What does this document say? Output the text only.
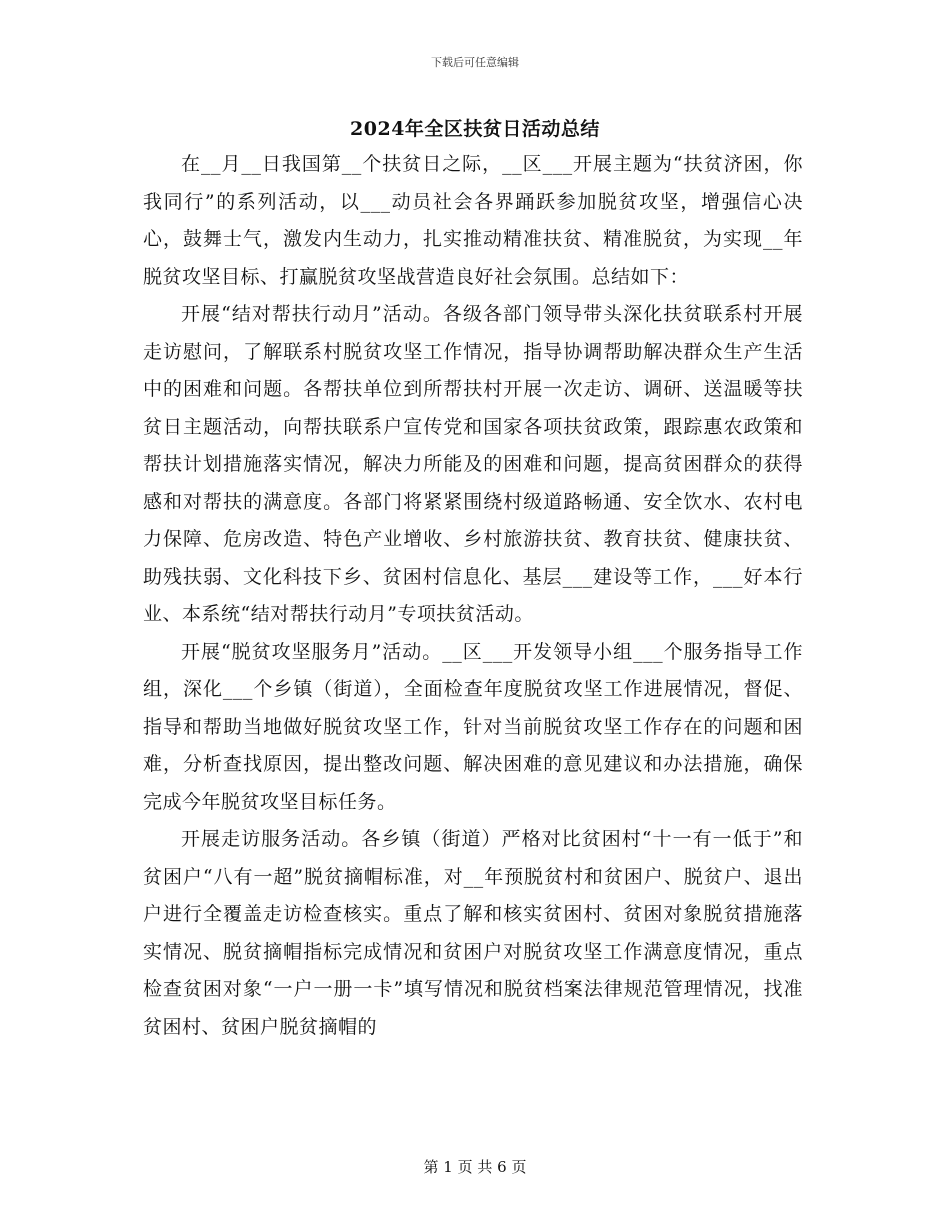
下载后可任意编辑
2024年全区扶贫日活动总结

在__月__日我国第__个扶贫日之际，__区___开展主题为“扶贫济困，你我同行”的系列活动，以___动员社会各界踊跃参加脱贫攻坚，增强信心决心，鼓舞士气，激发内生动力，扎实推动精准扶贫、精准脱贫，为实现__年脱贫攻坚目标、打赢脱贫攻坚战营造良好社会氛围。总结如下：

开展“结对帮扶行动月”活动。各级各部门领导带头深化扶贫联系村开展走访慰问，了解联系村脱贫攻坚工作情况，指导协调帮助解决群众生产生活中的困难和问题。各帮扶单位到所帮扶村开展一次走访、调研、送温暖等扶贫日主题活动，向帮扶联系户宣传党和国家各项扶贫政策，跟踪惠农政策和帮扶计划措施落实情况，解决力所能及的困难和问题，提高贫困群众的获得感和对帮扶的满意度。各部门将紧紧围绕村级道路畅通、安全饮水、农村电力保障、危房改造、特色产业增收、乡村旅游扶贫、教育扶贫、健康扶贫、助残扶弱、文化科技下乡、贫困村信息化、基层___建设等工作，___好本行业、本系统“结对帮扶行动月”专项扶贫活动。

开展“脱贫攻坚服务月”活动。__区___开发领导小组___个服务指导工作组，深化___个乡镇（街道），全面检查年度脱贫攻坚工作进展情况，督促、指导和帮助当地做好脱贫攻坚工作，针对当前脱贫攻坚工作存在的问题和困难，分析查找原因，提出整改问题、解决困难的意见建议和办法措施，确保完成今年脱贫攻坚目标任务。

开展走访服务活动。各乡镇（街道）严格对比贫困村“十一有一低于”和贫困户“八有一超”脱贫摘帽标准，对__年预脱贫村和贫困户、脱贫户、退出户进行全覆盖走访检查核实。重点了解和核实贫困村、贫困对象脱贫措施落实情况、脱贫摘帽指标完成情况和贫困户对脱贫攻坚工作满意度情况，重点检查贫困对象“一户一册一卡”填写情况和脱贫档案法律规范管理情况，找准贫困村、贫困户脱贫摘帽的

第 1 页 共 6 页
